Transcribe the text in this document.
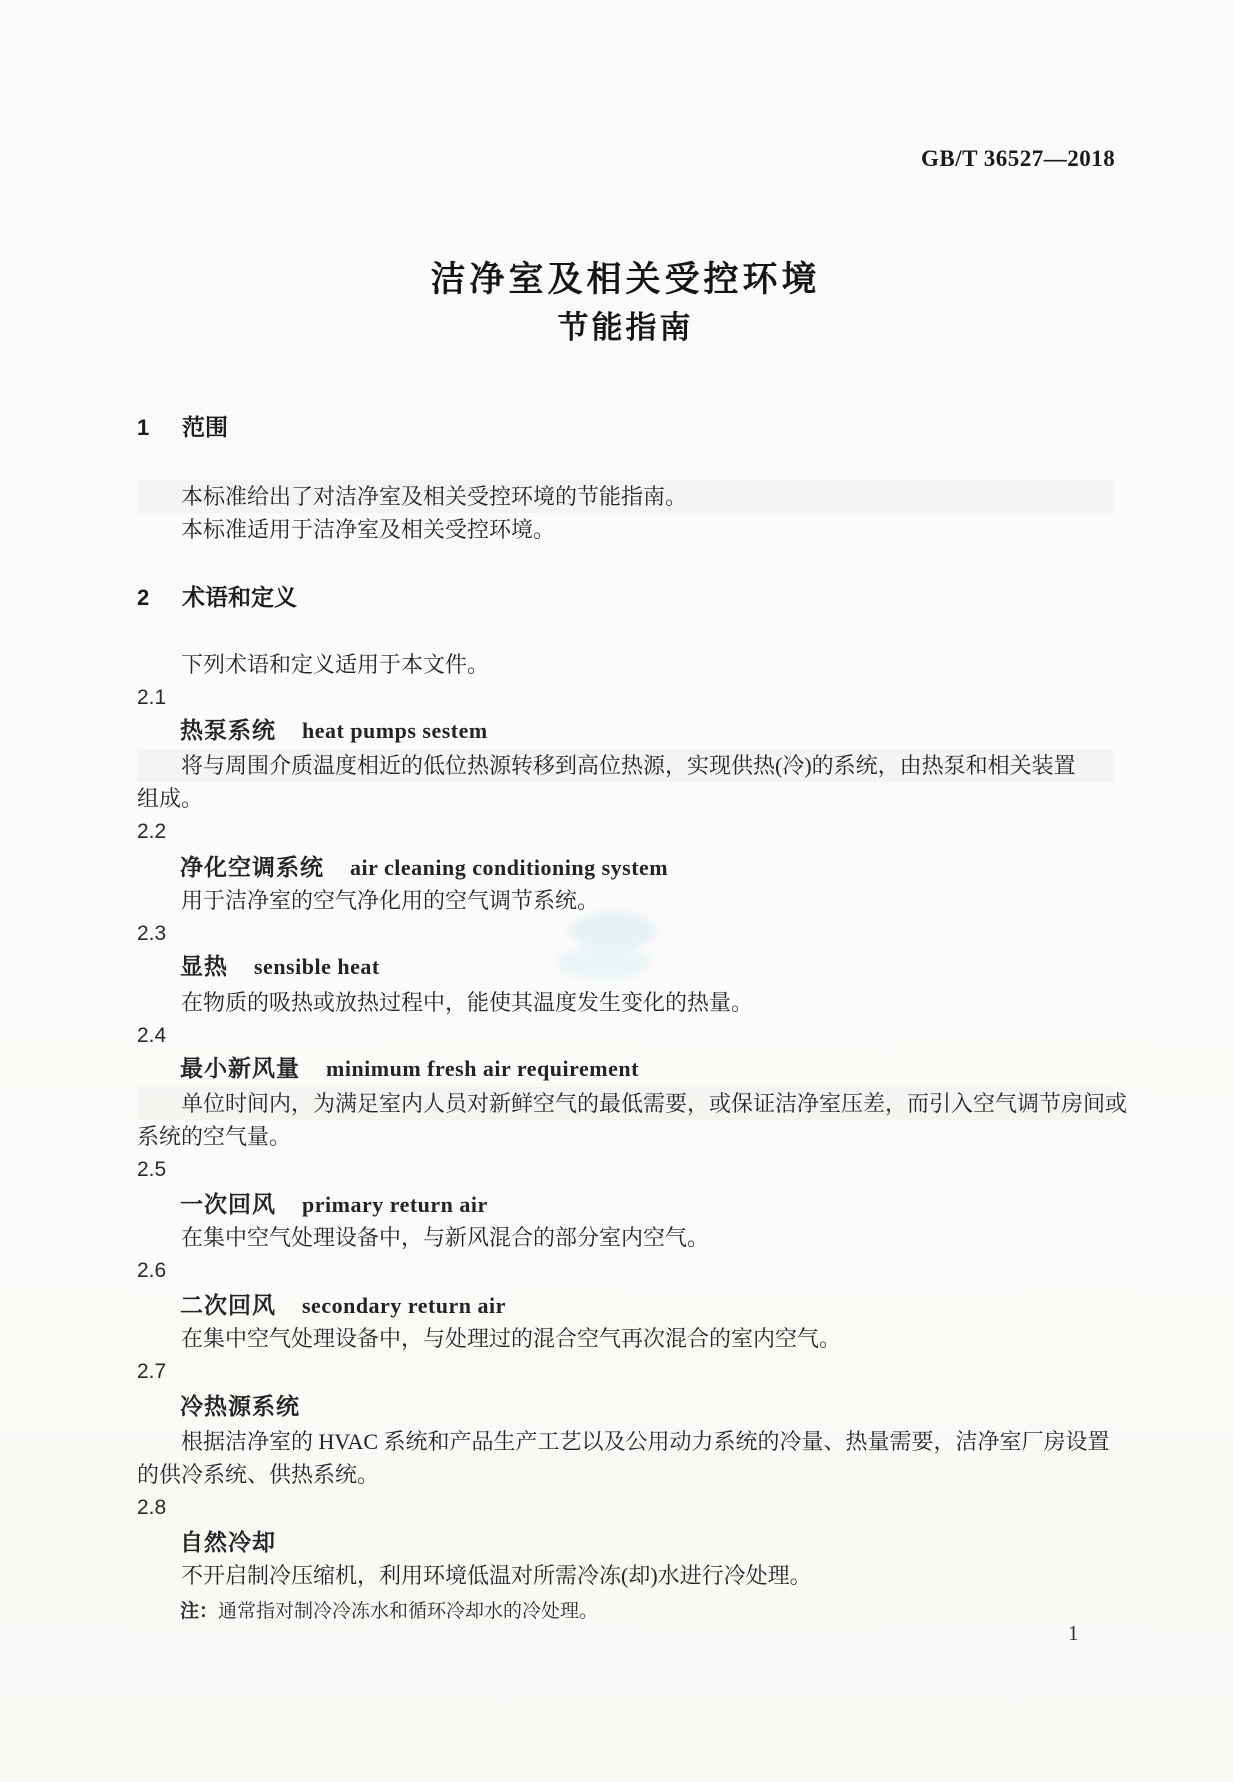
GB/T 36527—2018
洁净室及相关受控环境
节能指南
1 范围
本标准给出了对洁净室及相关受控环境的节能指南。
本标准适用于洁净室及相关受控环境。
2 术语和定义
下列术语和定义适用于本文件。
2.1
热泵系统 heat pumps sestem
将与周围介质温度相近的低位热源转移到高位热源，实现供热(冷)的系统，由热泵和相关装置
组成。
2.2
净化空调系统 air cleaning conditioning system
用于洁净室的空气净化用的空气调节系统。
2.3
显热 sensible heat
在物质的吸热或放热过程中，能使其温度发生变化的热量。
2.4
最小新风量 minimum fresh air requirement
单位时间内，为满足室内人员对新鲜空气的最低需要，或保证洁净室压差，而引入空气调节房间或
系统的空气量。
2.5
一次回风 primary return air
在集中空气处理设备中，与新风混合的部分室内空气。
2.6
二次回风 secondary return air
在集中空气处理设备中，与处理过的混合空气再次混合的室内空气。
2.7
冷热源系统
根据洁净室的 HVAC 系统和产品生产工艺以及公用动力系统的冷量、热量需要，洁净室厂房设置
的供冷系统、供热系统。
2.8
自然冷却
不开启制冷压缩机，利用环境低温对所需冷冻(却)水进行冷处理。
注：通常指对制冷冷冻水和循环冷却水的冷处理。
1
